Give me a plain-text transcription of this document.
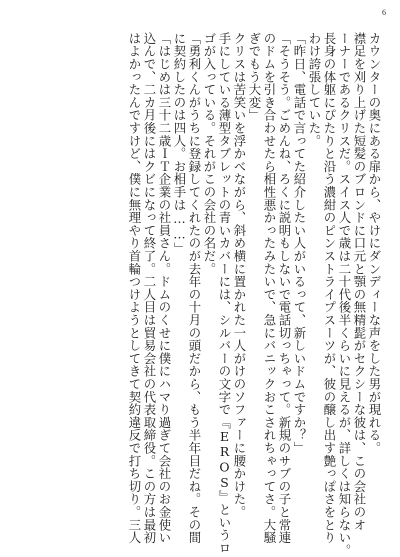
6
カウンターの奥にある扉から、やけにダンディーな声をした男が現れる。
襟足を刈り上げた短髪のブロンドに口元と顎の無精髭がセクシーな彼は、この会社のオ
ーナーであるクリスだ。スイス人で歳は二十代後半くらいに見えるが、詳しくは知らない。
長身の体躯にぴたりと沿う濃紺のピンストライプスーツが、彼の醸し出す艶っぽさをとり
わけ誇張していた。
「昨日、電話で言ってた紹介したい人がいるって、新しいドムですか？」
「そうそう。ごめんね、ろくに説明もしないで電話切っちゃって。新規のサブの子と常連
のドムを引き合わせたら相性悪かったみたいで、急にバニックおこされちゃってさ。大騒
ぎでもう大変」
クリスは苦笑いを浮かべながら、斜め横に置かれた一人がけのソファーに腰かけた。
手にしている薄型タブレットの青いカバーには、シルバーの文字で『EROS』というロ
ゴが入っている。それがこの会社の名だ。
「勇利くんがうちに登録してくれたのが去年の十月の頭だから、もう半年目だね。その間
に契約したのは四人。お相手は……」
「はじめは三十二歳ＩＴ企業の社員さん。ドムのくせに僕にハマり過ぎて会社のお金使い
込んで、二カ月後にはクビになって終了。二人目は貿易会社の代表取締役。この方は最初
はよかったんですけど、僕に無理やり首輪つけようとしてきて契約違反で打ち切り。三人
